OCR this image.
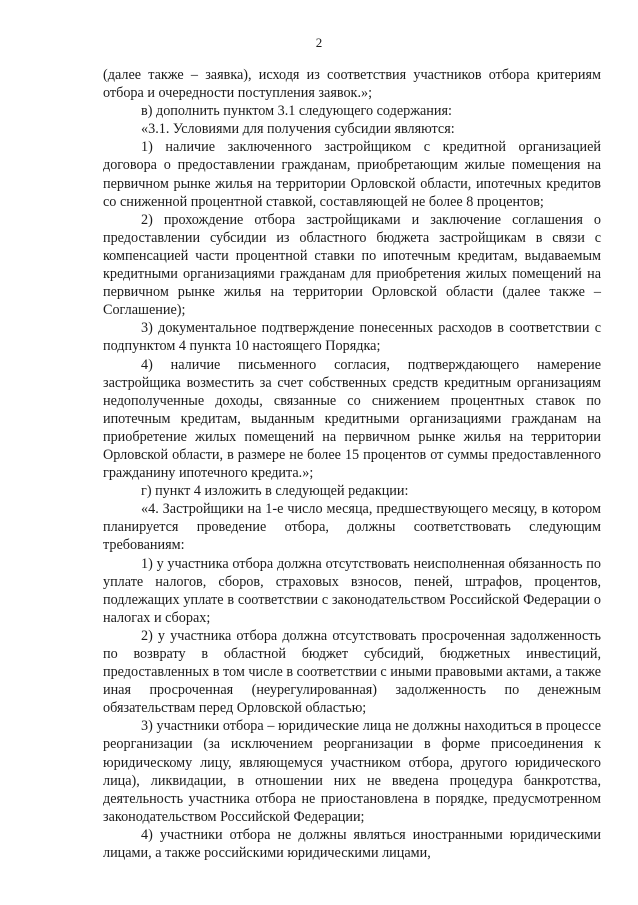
2

(далее также – заявка), исходя из соответствия участников отбора критериям отбора и очередности поступления заявок.»;

в) дополнить пунктом 3.1 следующего содержания:

«3.1. Условиями для получения субсидии являются:

1) наличие заключенного застройщиком с кредитной организацией договора о предоставлении гражданам, приобретающим жилые помещения на первичном рынке жилья на территории Орловской области, ипотечных кредитов со сниженной процентной ставкой, составляющей не более 8 процентов;

2) прохождение отбора застройщиками и заключение соглашения о предоставлении субсидии из областного бюджета застройщикам в связи с компенсацией части процентной ставки по ипотечным кредитам, выдаваемым кредитными организациями гражданам для приобретения жилых помещений на первичном рынке жилья на территории Орловской области (далее также – Соглашение);

3) документальное подтверждение понесенных расходов в соответствии с подпунктом 4 пункта 10 настоящего Порядка;

4) наличие письменного согласия, подтверждающего намерение застройщика возместить за счет собственных средств кредитным организациям недополученные доходы, связанные со снижением процентных ставок по ипотечным кредитам, выданным кредитными организациями гражданам на приобретение жилых помещений на первичном рынке жилья на территории Орловской области, в размере не более 15 процентов от суммы предоставленного гражданину ипотечного кредита.»;

г) пункт 4 изложить в следующей редакции:

«4. Застройщики на 1-е число месяца, предшествующего месяцу, в котором планируется проведение отбора, должны соответствовать следующим требованиям:

1) у участника отбора должна отсутствовать неисполненная обязанность по уплате налогов, сборов, страховых взносов, пеней, штрафов, процентов, подлежащих уплате в соответствии с законодательством Российской Федерации о налогах и сборах;

2) у участника отбора должна отсутствовать просроченная задолженность по возврату в областной бюджет субсидий, бюджетных инвестиций, предоставленных в том числе в соответствии с иными правовыми актами, а также иная просроченная (неурегулированная) задолженность по денежным обязательствам перед Орловской областью;

3) участники отбора – юридические лица не должны находиться в процессе реорганизации (за исключением реорганизации в форме присоединения к юридическому лицу, являющемуся участником отбора, другого юридического лица), ликвидации, в отношении них не введена процедура банкротства, деятельность участника отбора не приостановлена в порядке, предусмотренном законодательством Российской Федерации;

4) участники отбора не должны являться иностранными юридическими лицами, а также российскими юридическими лицами,
